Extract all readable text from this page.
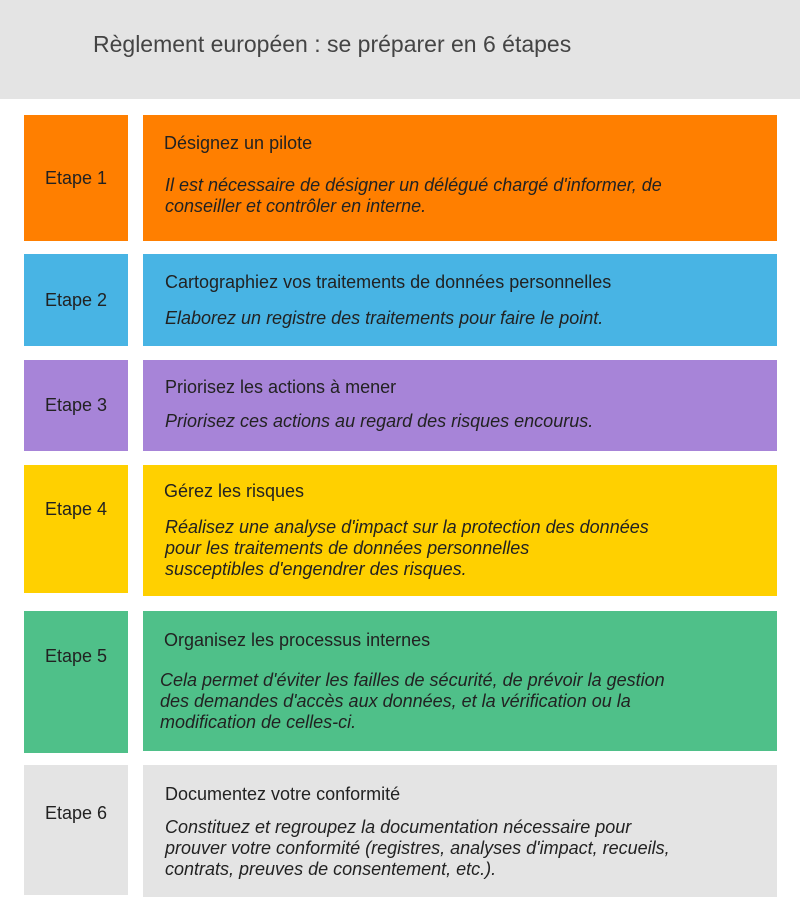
Règlement européen : se préparer en 6 étapes
Etape 1
Désignez un pilote
Il est nécessaire de désigner un délégué chargé d'informer, de
conseiller et contrôler en interne.
Etape 2
Cartographiez vos traitements de données personnelles
Elaborez un registre des traitements pour faire le point.
Etape 3
Priorisez les actions à mener
Priorisez ces actions au regard des risques encourus.
Etape 4
Gérez les risques
Réalisez une analyse d'impact sur la protection des données
pour les traitements de données personnelles
susceptibles d'engendrer des risques.
Etape 5
Organisez les processus internes
Cela permet d'éviter les failles de sécurité, de prévoir la gestion
des demandes d'accès aux données, et la vérification ou la
modification de celles-ci.
Etape 6
Documentez votre conformité
Constituez et regroupez la documentation nécessaire pour
prouver votre conformité (registres, analyses d'impact, recueils,
contrats, preuves de consentement, etc.).
